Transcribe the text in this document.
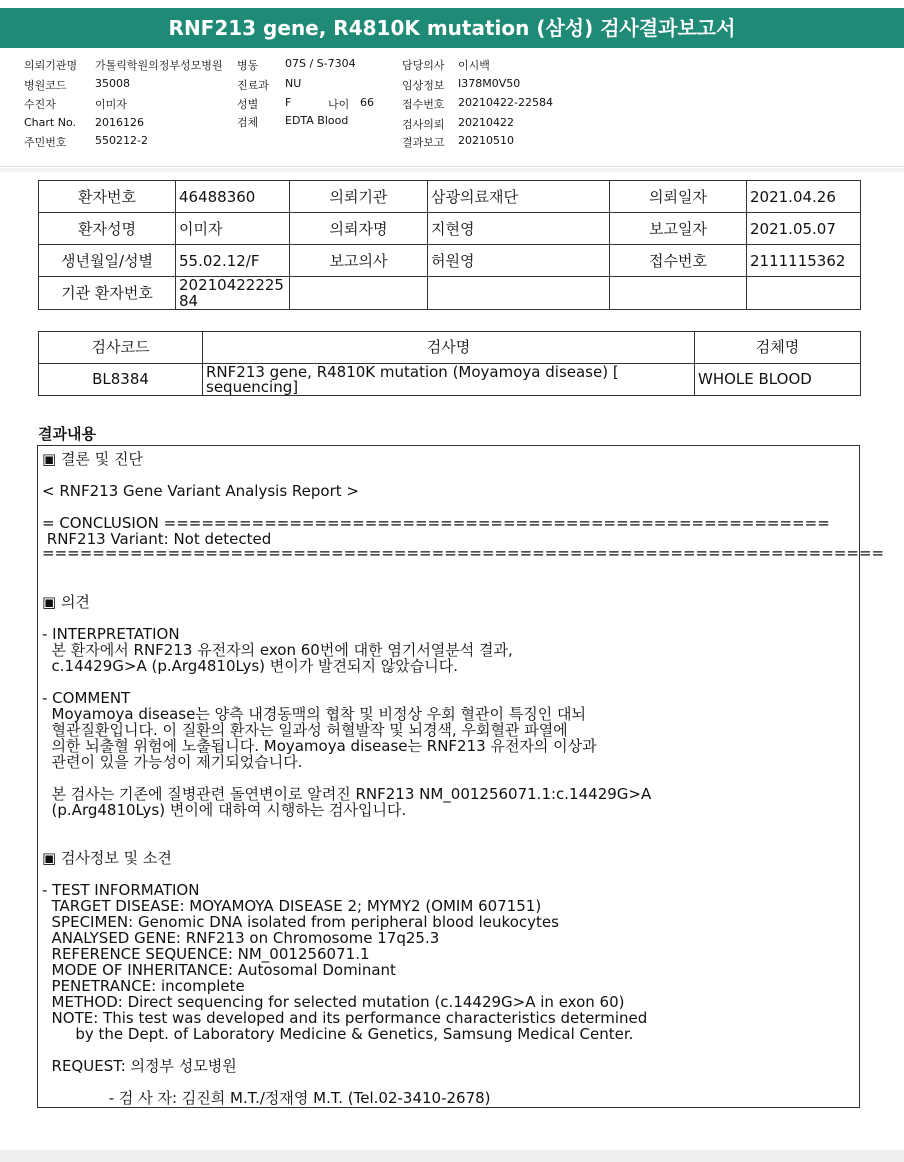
RNF213 gene, R4810K mutation (삼성) 검사결과보고서
의뢰기관명 가톨릭학원의정부성모병원 병동 07S / S-7304	담당의사 이시백
병원코드	35008	진료과 NU	임상정보 I378M0V50
수진자	이미자	성별 F	나이 66	접수번호 20210422-22584
Chart No. 2016126	검체 EDTA Blood	검사의뢰 20210422
주민번호	550212-2	결과보고 20210510
환자번호	46488360	의뢰기관	삼광의료재단	의뢰일자	2021.04.26
환자성명	이미자	의뢰자명	지현영	보고일자	2021.05.07
생년월일/성별	55.02.12/F	보고의사	허원영	접수번호	2111115362
기관 환자번호	20210422225
84				

검사코드	검사명	검체명
BL8384	RNF213 gene, R4810K mutation (Moyamoya disease) [
sequencing]	WHOLE BLOOD
결과내용
▣ 결론 및 진단
< RNF213 Gene Variant Analysis Report >
= CONCLUSION =====================================================
RNF213 Variant: Not detected
===================================================================
▣ 의견
- INTERPRETATION
본 환자에서 RNF213 유전자의 exon 60번에 대한 염기서열분석 결과,
c.14429G>A (p.Arg4810Lys) 변이가 발견되지 않았습니다.
- COMMENT
Moyamoya disease는 양측 내경동맥의 협착 및 비정상 우회 혈관이 특징인 대뇌
혈관질환입니다. 이 질환의 환자는 일과성 허혈발작 및 뇌경색, 우회혈관 파열에
의한 뇌출혈 위험에 노출됩니다. Moyamoya disease는 RNF213 유전자의 이상과
관련이 있을 가능성이 제기되었습니다.
본 검사는 기존에 질병관련 돌연변이로 알려진 RNF213 NM_001256071.1:c.14429G>A
(p.Arg4810Lys) 변이에 대하여 시행하는 검사입니다.
▣ 검사정보 및 소견
- TEST INFORMATION
TARGET DISEASE: MOYAMOYA DISEASE 2; MYMY2 (OMIM 607151)
SPECIMEN: Genomic DNA isolated from peripheral blood leukocytes
ANALYSED GENE: RNF213 on Chromosome 17q25.3
REFERENCE SEQUENCE: NM_001256071.1
MODE OF INHERITANCE: Autosomal Dominant
PENETRANCE: incomplete
METHOD: Direct sequencing for selected mutation (c.14429G>A in exon 60)
NOTE: This test was developed and its performance characteristics determined
by the Dept. of Laboratory Medicine & Genetics, Samsung Medical Center.
REQUEST: 의정부 성모병원
- 검 사 자: 김진희 M.T./정재영 M.T. (Tel.02-3410-2678)
